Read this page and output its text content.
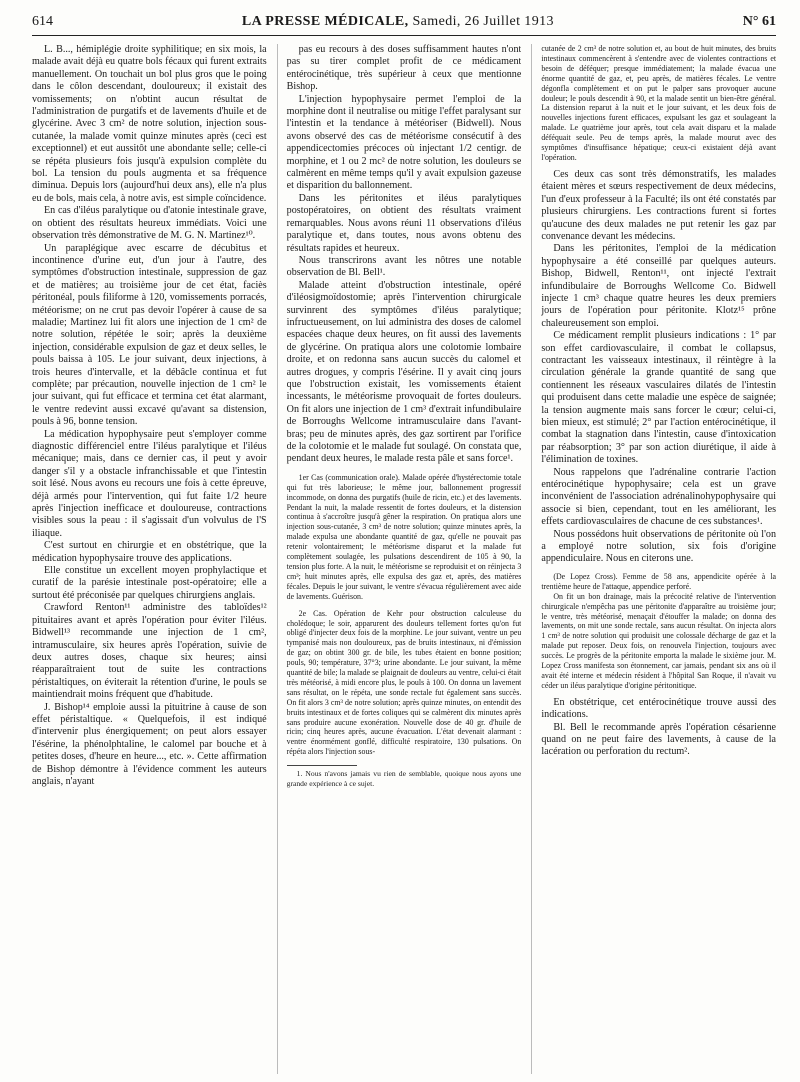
614	LA PRESSE MÉDICALE, Samedi, 26 Juillet 1913	N° 61

L. B..., hémiplégie droite syphilitique; en six mois, la malade avait déjà eu quatre bols fécaux qui furent extraits manuellement. On touchait un bol plus gros que le poing dans le côlon descendant, douloureux; il existait des vomissements; on n'obtint aucun résultat de l'administration de purgatifs et de lavements d'huile et de glycérine. Avec 3 cm² de notre solution, injection sous-cutanée, la malade vomit quinze minutes après (ceci est exceptionnel) et eut aussitôt une abondante selle; celle-ci se répéta plusieurs fois jusqu'à expulsion complète du bol. La tension du pouls augmenta et sa fréquence diminua. Depuis lors (aujourd'hui deux ans), elle n'a plus eu de bols, mais cela, à notre avis, est simple coïncidence.

En cas d'iléus paralytique ou d'atonie intestinale grave, on obtient des résultats heureux immédiats. Voici une observation très démonstrative de M. G. N. Martinez¹⁰.

Un paraplégique avec escarre de décubitus et incontinence d'urine eut, d'un jour à l'autre, des symptômes d'obstruction intestinale, suppression de gaz et de matières; au troisième jour de cet état, faciès péritonéal, pouls filiforme à 120, vomissements porracés, météorisme; on ne crut pas devoir l'opérer à cause de sa maladie; Martinez lui fit alors une injection de 1 cm² de notre solution, répétée le soir; après la deuxième injection, considérable expulsion de gaz et deux selles, le pouls baissa à 105. Le jour suivant, deux injections, à trois heures d'intervalle, et la débâcle continua et fut complète; par précaution, nouvelle injection de 1 cm² le jour suivant, qui fut efficace et termina cet état alarmant, le ventre redevint aussi excavé qu'avant sa distension, pouls à 96, bonne tension.

La médication hypophysaire peut s'employer comme diagnostic différenciel entre l'iléus paralytique et l'iléus mécanique; mais, dans ce dernier cas, il peut y avoir danger s'il y a obstacle infranchissable et que l'intestin soit lésé. Nous avons eu recours une fois à cette épreuve, déjà armés pour l'intervention, qui fut faite 1/2 heure après l'injection inefficace et douloureuse, contractions visibles sous la peau : il s'agissait d'un volvulus de l'S iliaque.

C'est surtout en chirurgie et en obstétrique, que la médication hypophysaire trouve des applications.

Elle constitue un excellent moyen prophylactique et curatif de la parésie intestinale post-opératoire; elle a surtout été préconisée par quelques chirurgiens anglais.

Crawford Renton¹¹ administre des tabloïdes¹² pituitaires avant et après l'opération pour éviter l'iléus. Bidwell¹³ recommande une injection de 1 cm², intramusculaire, six heures après l'opération, suivie de deux autres doses, chaque six heures; ainsi réapparaîtraient tout de suite les contractions péristaltiques, on éviterait la rétention d'urine, le pouls se maintiendrait moins fréquent que d'habitude.

J. Bishop¹⁴ emploie aussi la pituitrine à cause de son effet péristaltique. « Quelquefois, il est indiqué d'intervenir plus énergiquement; on peut alors essayer l'ésérine, la phénolphtaline, le calomel par bouche et à petites doses, d'heure en heure..., etc. ». Cette affirmation de Bishop démontre à l'évidence comment les auteurs anglais, n'ayant

pas eu recours à des doses suffisamment hautes n'ont pas su tirer complet profit de ce médicament entérocinétique, très supérieur à ceux que mentionne Bishop.

L'injection hypophysaire permet l'emploi de la morphine dont il neutralise ou mitige l'effet paralysant sur l'intestin et la tendance à météoriser (Bidwell). Nous avons observé des cas de météorisme consécutif à des appendicectomies précoces où injectant 1/2 centigr. de morphine, et 1 ou 2 mc² de notre solution, les douleurs se calmèrent en même temps qu'il y avait expulsion gazeuse et disparition du ballonnement.

Dans les péritonites et iléus paralytiques postopératoires, on obtient des résultats vraiment remarquables. Nous avons réuni 11 observations d'iléus paralytique et, dans toutes, nous avons obtenu des résultats rapides et heureux.

Nous transcrirons avant les nôtres une notable observation de Bl. Bell¹.

Malade atteint d'obstruction intestinale, opéré d'iléosigmoïdostomie; après l'intervention chirurgicale survinrent des symptômes d'iléus paralytique; infructueusement, on lui administra des doses de calomel espacées chaque deux heures, on fit aussi des lavements de glycérine. On pratiqua alors une colotomie lombaire droite, et on redonna sans aucun succès du calomel et autres drogues, y compris l'ésérine. Il y avait cinq jours que l'obstruction existait, les vomissements étaient incessants, le météorisme provoquait de fortes douleurs. On fit alors une injection de 1 cm³ d'extrait infundibulaire de Borroughs Wellcome intramusculaire dans l'avant-bras; peu de minutes après, des gaz sortirent par l'orifice de la colotomie et le malade fut soulagé. On constata que, pendant deux heures, le malade resta pâle et sans force¹.

1er Cas (communication orale). Malade opérée d'hystérectomie totale qui fut très laborieuse; le même jour, ballonnement progressif incommode, on donna des purgatifs (huile de ricin, etc.) et des lavements. Pendant la nuit, la malade ressentit de fortes douleurs, et la distension continua à s'accroître jusqu'à gêner la respiration. On pratiqua alors une injection sous-cutanée, 3 cm³ de notre solution; quinze minutes après, la malade expulsa une abondante quantité de gaz, qu'elle ne pouvait pas retenir volontairement; le météorisme disparut et la malade fut complètement soulagée, les pulsations descendirent de 105 à 90, la tension plus forte. A la nuit, le météorisme se reproduisit et on réinjecta 3 cm³; huit minutes après, elle expulsa des gaz et, après, des matières fécales. Depuis le jour suivant, le ventre s'évacua régulièrement avec aide de lavements. Guérison.

2e Cas. Opération de Kehr pour obstruction calculeuse du cholédoque; le soir, apparurent des douleurs tellement fortes qu'on fut obligé d'injecter deux fois de la morphine. Le jour suivant, ventre un peu tympanisé mais non douloureux, pas de bruits intestinaux, ni d'émission de gaz; on obtint 300 gr. de bile, les tubes étaient en bonne position; pouls, 90; température, 37°3; urine abondante. Le jour suivant, la même quantité de bile; la malade se plaignait de douleurs au ventre, celui-ci était très météorisé, à midi encore plus, le pouls à 100. On donna un lavement sans résultat, on le répéta, une sonde rectale fut également sans succès. On fit alors 3 cm³ de notre solution; après quinze minutes, on entendit des bruits intestinaux et de fortes coliques qui se calmèrent dix minutes après sans produire aucune exonération. Nouvelle dose de 40 gr. d'huile de ricin; cinq heures après, aucune évacuation. L'état devenait alarmant : ventre énormément gonflé, difficulté respiratoire, 130 pulsations. On répéta alors l'injection sous-

1. Nous n'avons jamais vu rien de semblable, quoique nous ayons une grande expérience à ce sujet.

cutanée de 2 cm³ de notre solution et, au bout de huit minutes, des bruits intestinaux commencèrent à s'entendre avec de violentes contractions et besoin de déféquer; presque immédiatement; la malade évacua une énorme quantité de gaz, et, peu après, de matières fécales. Le ventre dégonfla complètement et on put le palper sans provoquer aucune douleur; le pouls descendit à 90, et la malade sentit un bien-être général. La distension reparut à la nuit et le jour suivant, et les deux fois de nouvelles injections furent efficaces, expulsant les gaz et soulageant la malade. Le quatrième jour après, tout cela avait disparu et la malade déféquait seule. Peu de temps après, la malade mourut avec des symptômes d'insuffisance hépatique; ceux-ci existaient déjà avant l'opération.

Ces deux cas sont très démonstratifs, les malades étaient mères et sœurs respectivement de deux médecins, l'un d'eux professeur à la Faculté; ils ont été constatés par plusieurs chirurgiens. Les contractions furent si fortes qu'aucune des deux malades ne put retenir les gaz par convenance devant les médecins.

Dans les péritonites, l'emploi de la médication hypophysaire a été conseillé par quelques auteurs. Bishop, Bidwell, Renton¹¹, ont injecté l'extrait infundibulaire de Borroughs Wellcome Co. Bidwell injecte 1 cm³ chaque quatre heures les deux premiers jours de l'opération pour péritonite. Klotz¹⁵ prône chaleureusement son emploi.

Ce médicament remplit plusieurs indications : 1° par son effet cardiovasculaire, il combat le collapsus, contractant les vaisseaux intestinaux, il réintègre à la circulation générale la grande quantité de sang que contiennent les réseaux vasculaires dilatés de l'intestin qui produisent dans cette maladie une espèce de saignée; la tension augmente mais sans forcer le cœur; celui-ci, bien mieux, est stimulé; 2° par l'action entérocinétique, il combat la stagnation dans l'intestin, cause d'intoxication par réabsorption; 3° par son action diurétique, il aide à l'élimination de toxines.

Nous rappelons que l'adrénaline contrarie l'action entérocinétique hypophysaire; cela est un grave inconvénient de l'association adrénalinohypophysaire qui associe si bien, cependant, tout en les améliorant, les effets cardiovasculaires de chacune de ces substances¹.

Nous possédons huit observations de péritonite où l'on a employé notre solution, six fois d'origine appendiculaire. Nous en citerons une.

(De Lopez Cross). Femme de 58 ans, appendicite opérée à la trentième heure de l'attaque, appendice perforé.

On fit un bon drainage, mais la précocité relative de l'intervention chirurgicale n'empêcha pas une péritonite d'apparaître au troisième jour; le ventre, très météorisé, menaçait d'étouffer la malade; on donna des lavements, on mit une sonde rectale, sans aucun résultat. On injecta alors 1 cm³ de notre solution qui produisit une colossale décharge de gaz et la malade put reposer. Deux fois, on renouvela l'injection, toujours avec succès. Le progrès de la péritonite emporta la malade le sixième jour. M. Lopez Cross manifesta son étonnement, car jamais, pendant six ans où il avait été interne et médecin résident à l'hôpital San Roque, il n'avait vu céder un iléus paralytique d'origine péritonitique.

En obstétrique, cet entérocinétique trouve aussi des indications.

Bl. Bell le recommande après l'opération césarienne quand on ne peut faire des lavements, à cause de la lacération ou perforation du rectum².
